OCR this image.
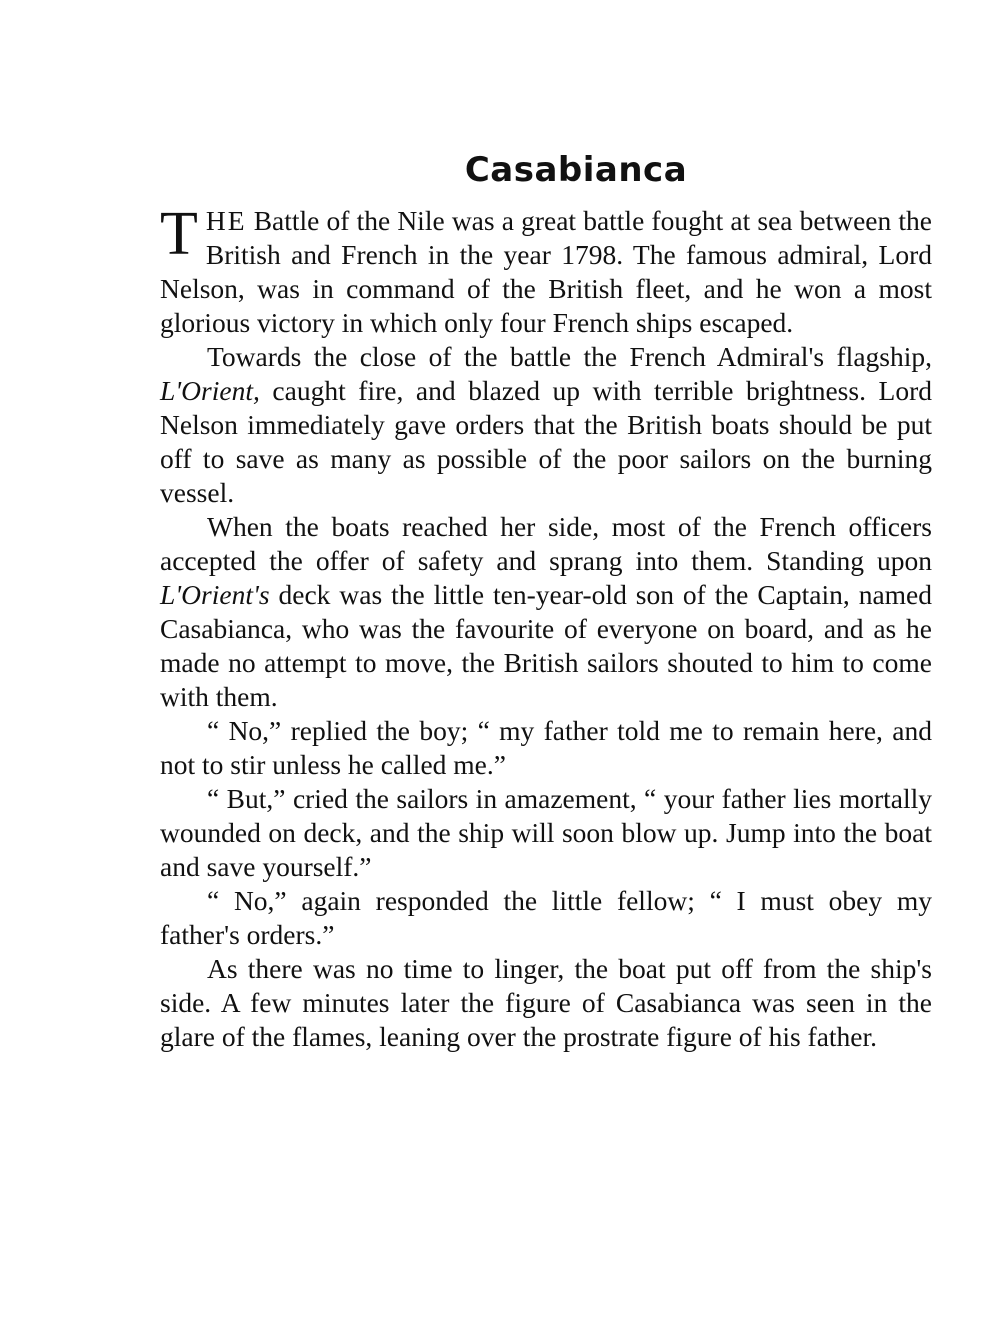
Casabianca

THE Battle of the Nile was a great battle fought at sea between the British and French in the year 1798. The famous admiral, Lord Nelson, was in command of the British fleet, and he won a most glorious victory in which only four French ships escaped.

Towards the close of the battle the French Admiral's flagship, L'Orient, caught fire, and blazed up with terrible brightness. Lord Nelson immediately gave orders that the British boats should be put off to save as many as possible of the poor sailors on the burning vessel.

When the boats reached her side, most of the French officers accepted the offer of safety and sprang into them. Standing upon L'Orient's deck was the little ten-year-old son of the Captain, named Casabianca, who was the favourite of everyone on board, and as he made no attempt to move, the British sailors shouted to him to come with them.

“ No,” replied the boy; “ my father told me to remain here, and not to stir unless he called me.”

“ But,” cried the sailors in amazement, “ your father lies mortally wounded on deck, and the ship will soon blow up. Jump into the boat and save yourself.”

“ No,” again responded the little fellow; “ I must obey my father's orders.”

As there was no time to linger, the boat put off from the ship's side. A few minutes later the figure of Casabianca was seen in the glare of the flames, leaning over the prostrate figure of his father.
